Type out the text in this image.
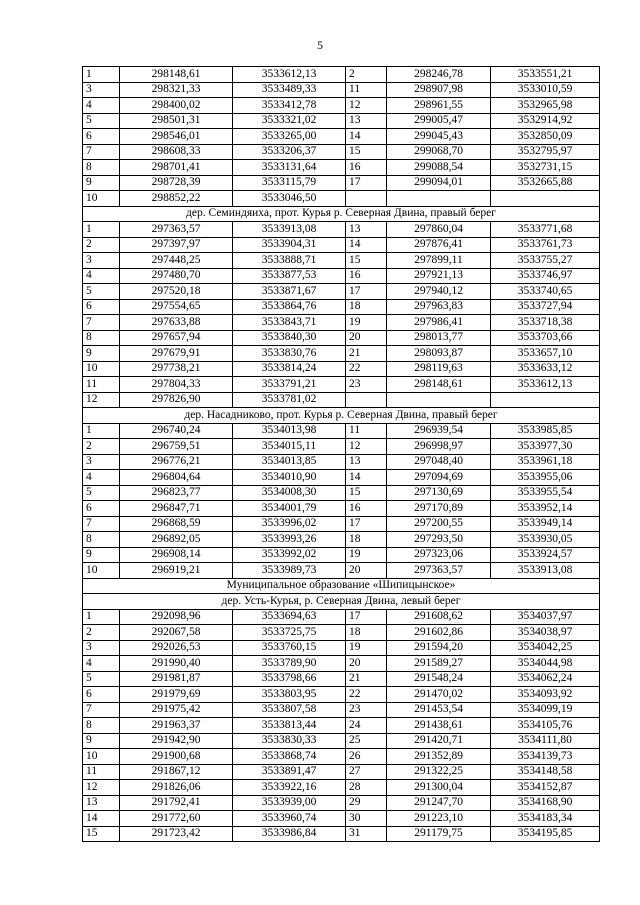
5
1	298148,61	3533612,13	2	298246,78	3533551,21
3	298321,33	3533489,33	11	298907,98	3533010,59
4	298400,02	3533412,78	12	298961,55	3532965,98
5	298501,31	3533321,02	13	299005,47	3532914,92
6	298546,01	3533265,00	14	299045,43	3532850,09
7	298608,33	3533206,37	15	299068,70	3532795,97
8	298701,41	3533131,64	16	299088,54	3532731,15
9	298728,39	3533115,79	17	299094,01	3532665,88
10	298852,22	3533046,50			
дер. Семиндяиха, прот. Курья р. Северная Двина, правый берег					
1	297363,57	3533913,08	13	297860,04	3533771,68
2	297397,97	3533904,31	14	297876,41	3533761,73
3	297448,25	3533888,71	15	297899,11	3533755,27
4	297480,70	3533877,53	16	297921,13	3533746,97
5	297520,18	3533871,67	17	297940,12	3533740,65
6	297554,65	3533864,76	18	297963,83	3533727,94
7	297633,88	3533843,71	19	297986,41	3533718,38
8	297657,94	3533840,30	20	298013,77	3533703,66
9	297679,91	3533830,76	21	298093,87	3533657,10
10	297738,21	3533814,24	22	298119,63	3533633,12
11	297804,33	3533791,21	23	298148,61	3533612,13
12	297826,90	3533781,02			
дер. Насадниково, прот. Курья р. Северная Двина, правый берег					
1	296740,24	3534013,98	11	296939,54	3533985,85
2	296759,51	3534015,11	12	296998,97	3533977,30
3	296776,21	3534013,85	13	297048,40	3533961,18
4	296804,64	3534010,90	14	297094,69	3533955,06
5	296823,77	3534008,30	15	297130,69	3533955,54
6	296847,71	3534001,79	16	297170,89	3533952,14
7	296868,59	3533996,02	17	297200,55	3533949,14
8	296892,05	3533993,26	18	297293,50	3533930,05
9	296908,14	3533992,02	19	297323,06	3533924,57
10	296919,21	3533989,73	20	297363,57	3533913,08
Муниципальное образование «Шипицынское»					
дер. Усть-Курья, р. Северная Двина, левый берег					
1	292098,96	3533694,63	17	291608,62	3534037,97
2	292067,58	3533725,75	18	291602,86	3534038,97
3	292026,53	3533760,15	19	291594,20	3534042,25
4	291990,40	3533789,90	20	291589,27	3534044,98
5	291981,87	3533798,66	21	291548,24	3534062,24
6	291979,69	3533803,95	22	291470,02	3534093,92
7	291975,42	3533807,58	23	291453,54	3534099,19
8	291963,37	3533813,44	24	291438,61	3534105,76
9	291942,90	3533830,33	25	291420,71	3534111,80
10	291900,68	3533868,74	26	291352,89	3534139,73
11	291867,12	3533891,47	27	291322,25	3534148,58
12	291826,06	3533922,16	28	291300,04	3534152,87
13	291792,41	3533939,00	29	291247,70	3534168,90
14	291772,60	3533960,74	30	291223,10	3534183,34
15	291723,42	3533986,84	31	291179,75	3534195,85
